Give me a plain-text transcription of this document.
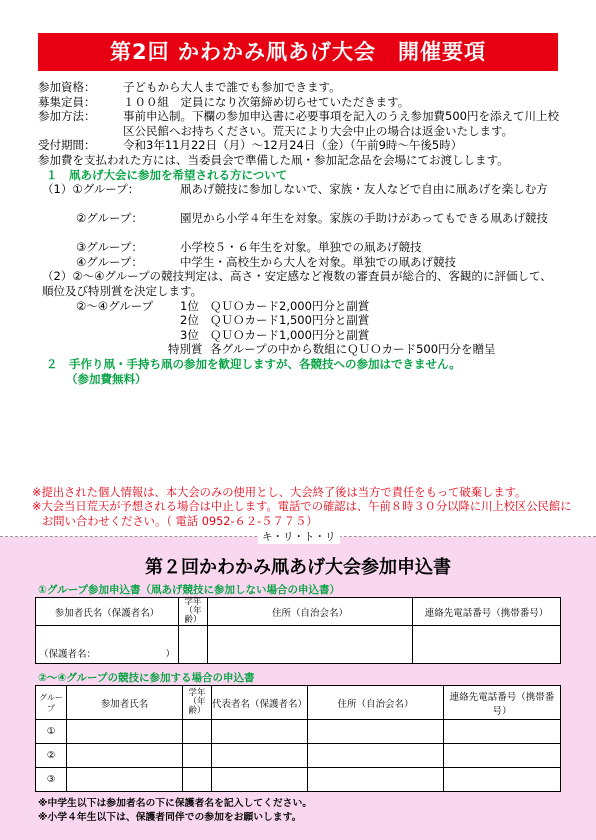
第2回 かわかみ凧あげ大会　開催要項
参加資格： 子どもから大人まで誰でも参加できます。
募集定員： １００組　定員になり次第締め切らせていただきます。
参加方法： 事前申込制。下欄の参加申込書に必要事項を記入のうえ参加費500円を添えて川上校区公民館へお持ちください。荒天により大会中止の場合は返金いたします。
受付期間： 令和3年11月22日（月）～12月24日（金）（午前9時～午後5時）

参加費を支払われた方には、当委員会で準備した凧・参加記念品を会場にてお渡しします。

１　凧あげ大会に参加を希望される方について

（1）①グループ：	凧あげ競技に参加しないで、家族・友人などで自由に凧あげを楽しむ方
②グループ：	園児から小学４年生を対象。家族の手助けがあってもできる凧あげ競技
③グループ：	小学校５・６年生を対象。単独での凧あげ競技
④グループ：	中学生・高校生から大人を対象。単独での凧あげ競技

（2）②～④グループの競技判定は、高さ・安定感など複数の審査員が総合的、客観的に評価して、順位及び特別賞を決定します。

②～④グループ 1位 ＱＵＯカード2,000円分と副賞
2位 ＱＵＯカード1,500円分と副賞
3位 ＱＵＯカード1,000円分と副賞
特別賞 各グループの中から数組にＱＵＯカード500円分を贈呈

２　手作り凧・手持ち凧の参加を歓迎しますが、各競技への参加はできません。

（参加費無料）

※提出された個人情報は、本大会のみの使用とし、大会終了後は当方で責任をもって破棄します。
※大会当日荒天が予想される場合は中止します。電話での確認は、午前８時３０分以降に川上校区公民館にお問い合わせください。（ 電話 0952-６２-５７７５）
キ・リ・ト・リ
第２回かわかみ凧あげ大会参加申込書
①グループ参加申込書（凧あげ競技に参加しない場合の申込書）
参加者氏名（保護者名）	学年（年齢）	住所（自治会名）	連絡先電話番号（携帯番号）
（保護者名： ）			

②～④グループの競技に参加する場合の申込書
グループ	参加者氏名	学年（年齢）	代表者名（保護者名）	住所（自治会名）	連絡先電話番号（携帯番号）
①					
②					
③					
※中学生以下は参加者名の下に保護者名を記入してください。
※小学４年生以下は、保護者同伴での参加をお願いします。
